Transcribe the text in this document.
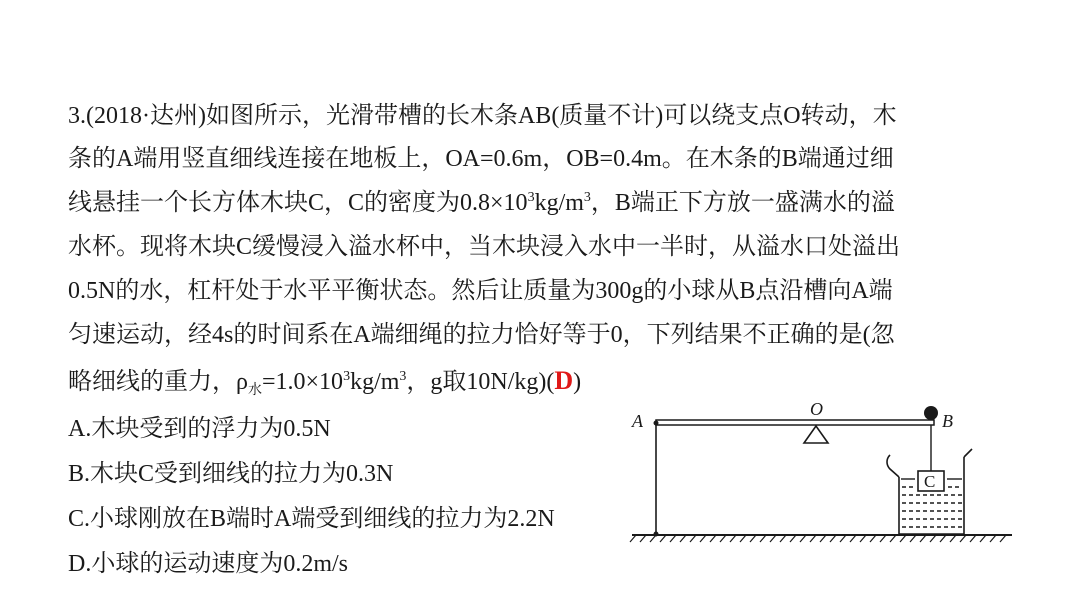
3.(2018·达州)如图所示，光滑带槽的长木条AB(质量不计)可以绕支点O转动，木
条的A端用竖直细线连接在地板上，OA=0.6m，OB=0.4m。在木条的B端通过细
线悬挂一个长方体木块C，C的密度为$0.8\times 10^3kg/m^3$，B端正下方放一盛满水的溢
水杯。现将木块C缓慢浸入溢水杯中，当木块浸入水中一半时，从溢水口处溢出
0.5N的水，杠杆处于水平平衡状态。然后让质量为300g的小球从B点沿槽向A端
匀速运动，经4s的时间系在A端细绳的拉力恰好等于0，下列结果不正确的是(忽
略细线的重力，$\rho_水=1.0\times 10^3kg/m^3$，g取10N/kg)(D)
A.木块受到的浮力为0.5N
B.木块C受到细线的拉力为0.3N
C.小球刚放在B端时A端受到细线的拉力为2.2N
D.小球的运动速度为0.2m/s
A
O
B
C
